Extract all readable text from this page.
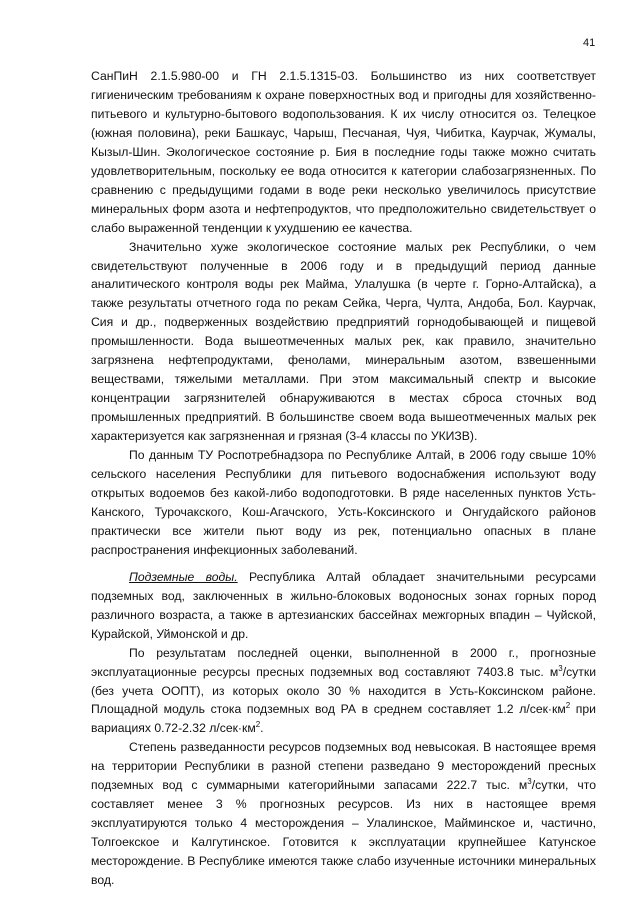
41

СанПиН 2.1.5.980-00 и ГН 2.1.5.1315-03. Большинство из них соответствует гигиеническим требованиям к охране поверхностных вод и пригодны для хозяйственно-питьевого и культурно-бытового водопользования. К их числу относится оз. Телецкое (южная половина), реки Башкаус, Чарыш, Песчаная, Чуя, Чибитка, Каурчак, Жумалы, Кызыл-Шин. Экологическое состояние р. Бия в последние годы также можно считать удовлетворительным, поскольку ее вода относится к категории слабозагрязненных. По сравнению с предыдущими годами в воде реки несколько увеличилось присутствие минеральных форм азота и нефтепродуктов, что предположительно свидетельствует о слабо выраженной тенденции к ухудшению ее качества.

Значительно хуже экологическое состояние малых рек Республики, о чем свидетельствуют полученные в 2006 году и в предыдущий период данные аналитического контроля воды рек Майма, Улалушка (в черте г. Горно-Алтайска), а также результаты отчетного года по рекам Сейка, Черга, Чулта, Андоба, Бол. Каурчак, Сия и др., подверженных воздействию предприятий горнодобывающей и пищевой промышленности. Вода вышеотмеченных малых рек, как правило, значительно загрязнена нефтепродуктами, фенолами, минеральным азотом, взвешенными веществами, тяжелыми металлами. При этом максимальный спектр и высокие концентрации загрязнителей обнаруживаются в местах сброса сточных вод промышленных предприятий. В большинстве своем вода вышеотмеченных малых рек характеризуется как загрязненная и грязная (3-4 классы по УКИЗВ).

По данным ТУ Роспотребнадзора по Республике Алтай, в 2006 году свыше 10% сельского населения Республики для питьевого водоснабжения используют воду открытых водоемов без какой-либо водоподготовки. В ряде населенных пунктов Усть-Канского, Турочакского, Кош-Агачского, Усть-Коксинского и Онгудайского районов практически все жители пьют воду из рек, потенциально опасных в плане распространения инфекционных заболеваний.

Подземные воды. Республика Алтай обладает значительными ресурсами подземных вод, заключенных в жильно-блоковых водоносных зонах горных пород различного возраста, а также в артезианских бассейнах межгорных впадин – Чуйской, Курайской, Уймонской и др.

По результатам последней оценки, выполненной в 2000 г., прогнозные эксплуатационные ресурсы пресных подземных вод составляют 7403.8 тыс. $м^3$/сутки (без учета ООПТ), из которых около 30 % находится в Усть-Коксинском районе. Площадной модуль стока подземных вод РА в среднем составляет 1.2 $л/сек\cdot км^2$ при вариациях 0.72-2.32 $л/сек\cdot км^2$.

Степень разведанности ресурсов подземных вод невысокая. В настоящее время на территории Республики в разной степени разведано 9 месторождений пресных подземных вод с суммарными категорийными запасами 222.7 тыс. $м^3$/сутки, что составляет менее 3 % прогнозных ресурсов. Из них в настоящее время эксплуатируются только 4 месторождения – Улалинское, Майминское и, частично, Толгоекское и Калгутинское. Готовится к эксплуатации крупнейшее Катунское месторождение. В Республике имеются также слабо изученные источники минеральных вод.
